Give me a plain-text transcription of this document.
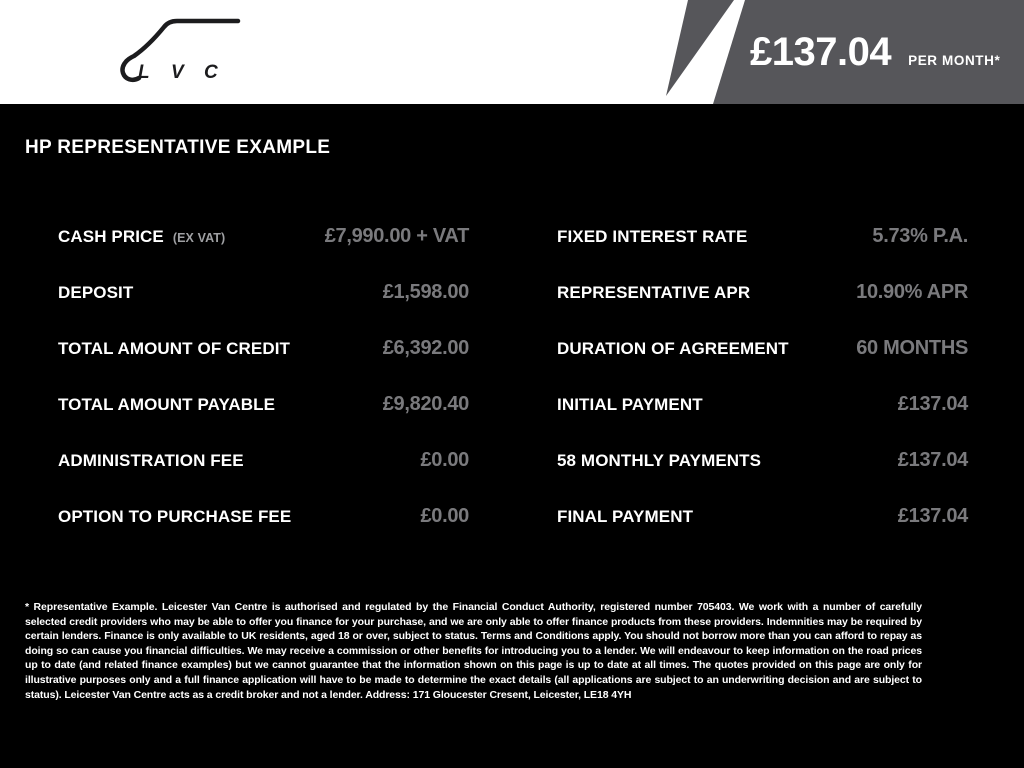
L V C	£137.04 PER MONTH*
HP REPRESENTATIVE EXAMPLE
CASH PRICE (EX VAT)	£7,990.00 + VAT
DEPOSIT	£1,598.00
TOTAL AMOUNT OF CREDIT	£6,392.00
TOTAL AMOUNT PAYABLE	£9,820.40
ADMINISTRATION FEE	£0.00
OPTION TO PURCHASE FEE	£0.00
FIXED INTEREST RATE	5.73% P.A.
REPRESENTATIVE APR	10.90% APR
DURATION OF AGREEMENT	60 MONTHS
INITIAL PAYMENT	£137.04
58 MONTHLY PAYMENTS	£137.04
FINAL PAYMENT	£137.04

* Representative Example. Leicester Van Centre is authorised and regulated by the Financial Conduct Authority, registered number 705403. We work with a number of carefully selected credit providers who may be able to offer you finance for your purchase, and we are only able to offer finance products from these providers. Indemnities may be required by certain lenders. Finance is only available to UK residents, aged 18 or over, subject to status. Terms and Conditions apply. You should not borrow more than you can afford to repay as doing so can cause you financial difficulties. We may receive a commission or other benefits for introducing you to a lender. We will endeavour to keep information on the road prices up to date (and related finance examples) but we cannot guarantee that the information shown on this page is up to date at all times. The quotes provided on this page are only for illustrative purposes only and a full finance application will have to be made to determine the exact details (all applications are subject to an underwriting decision and are subject to status). Leicester Van Centre acts as a credit broker and not a lender. Address: 171 Gloucester Cresent, Leicester, LE18 4YH
